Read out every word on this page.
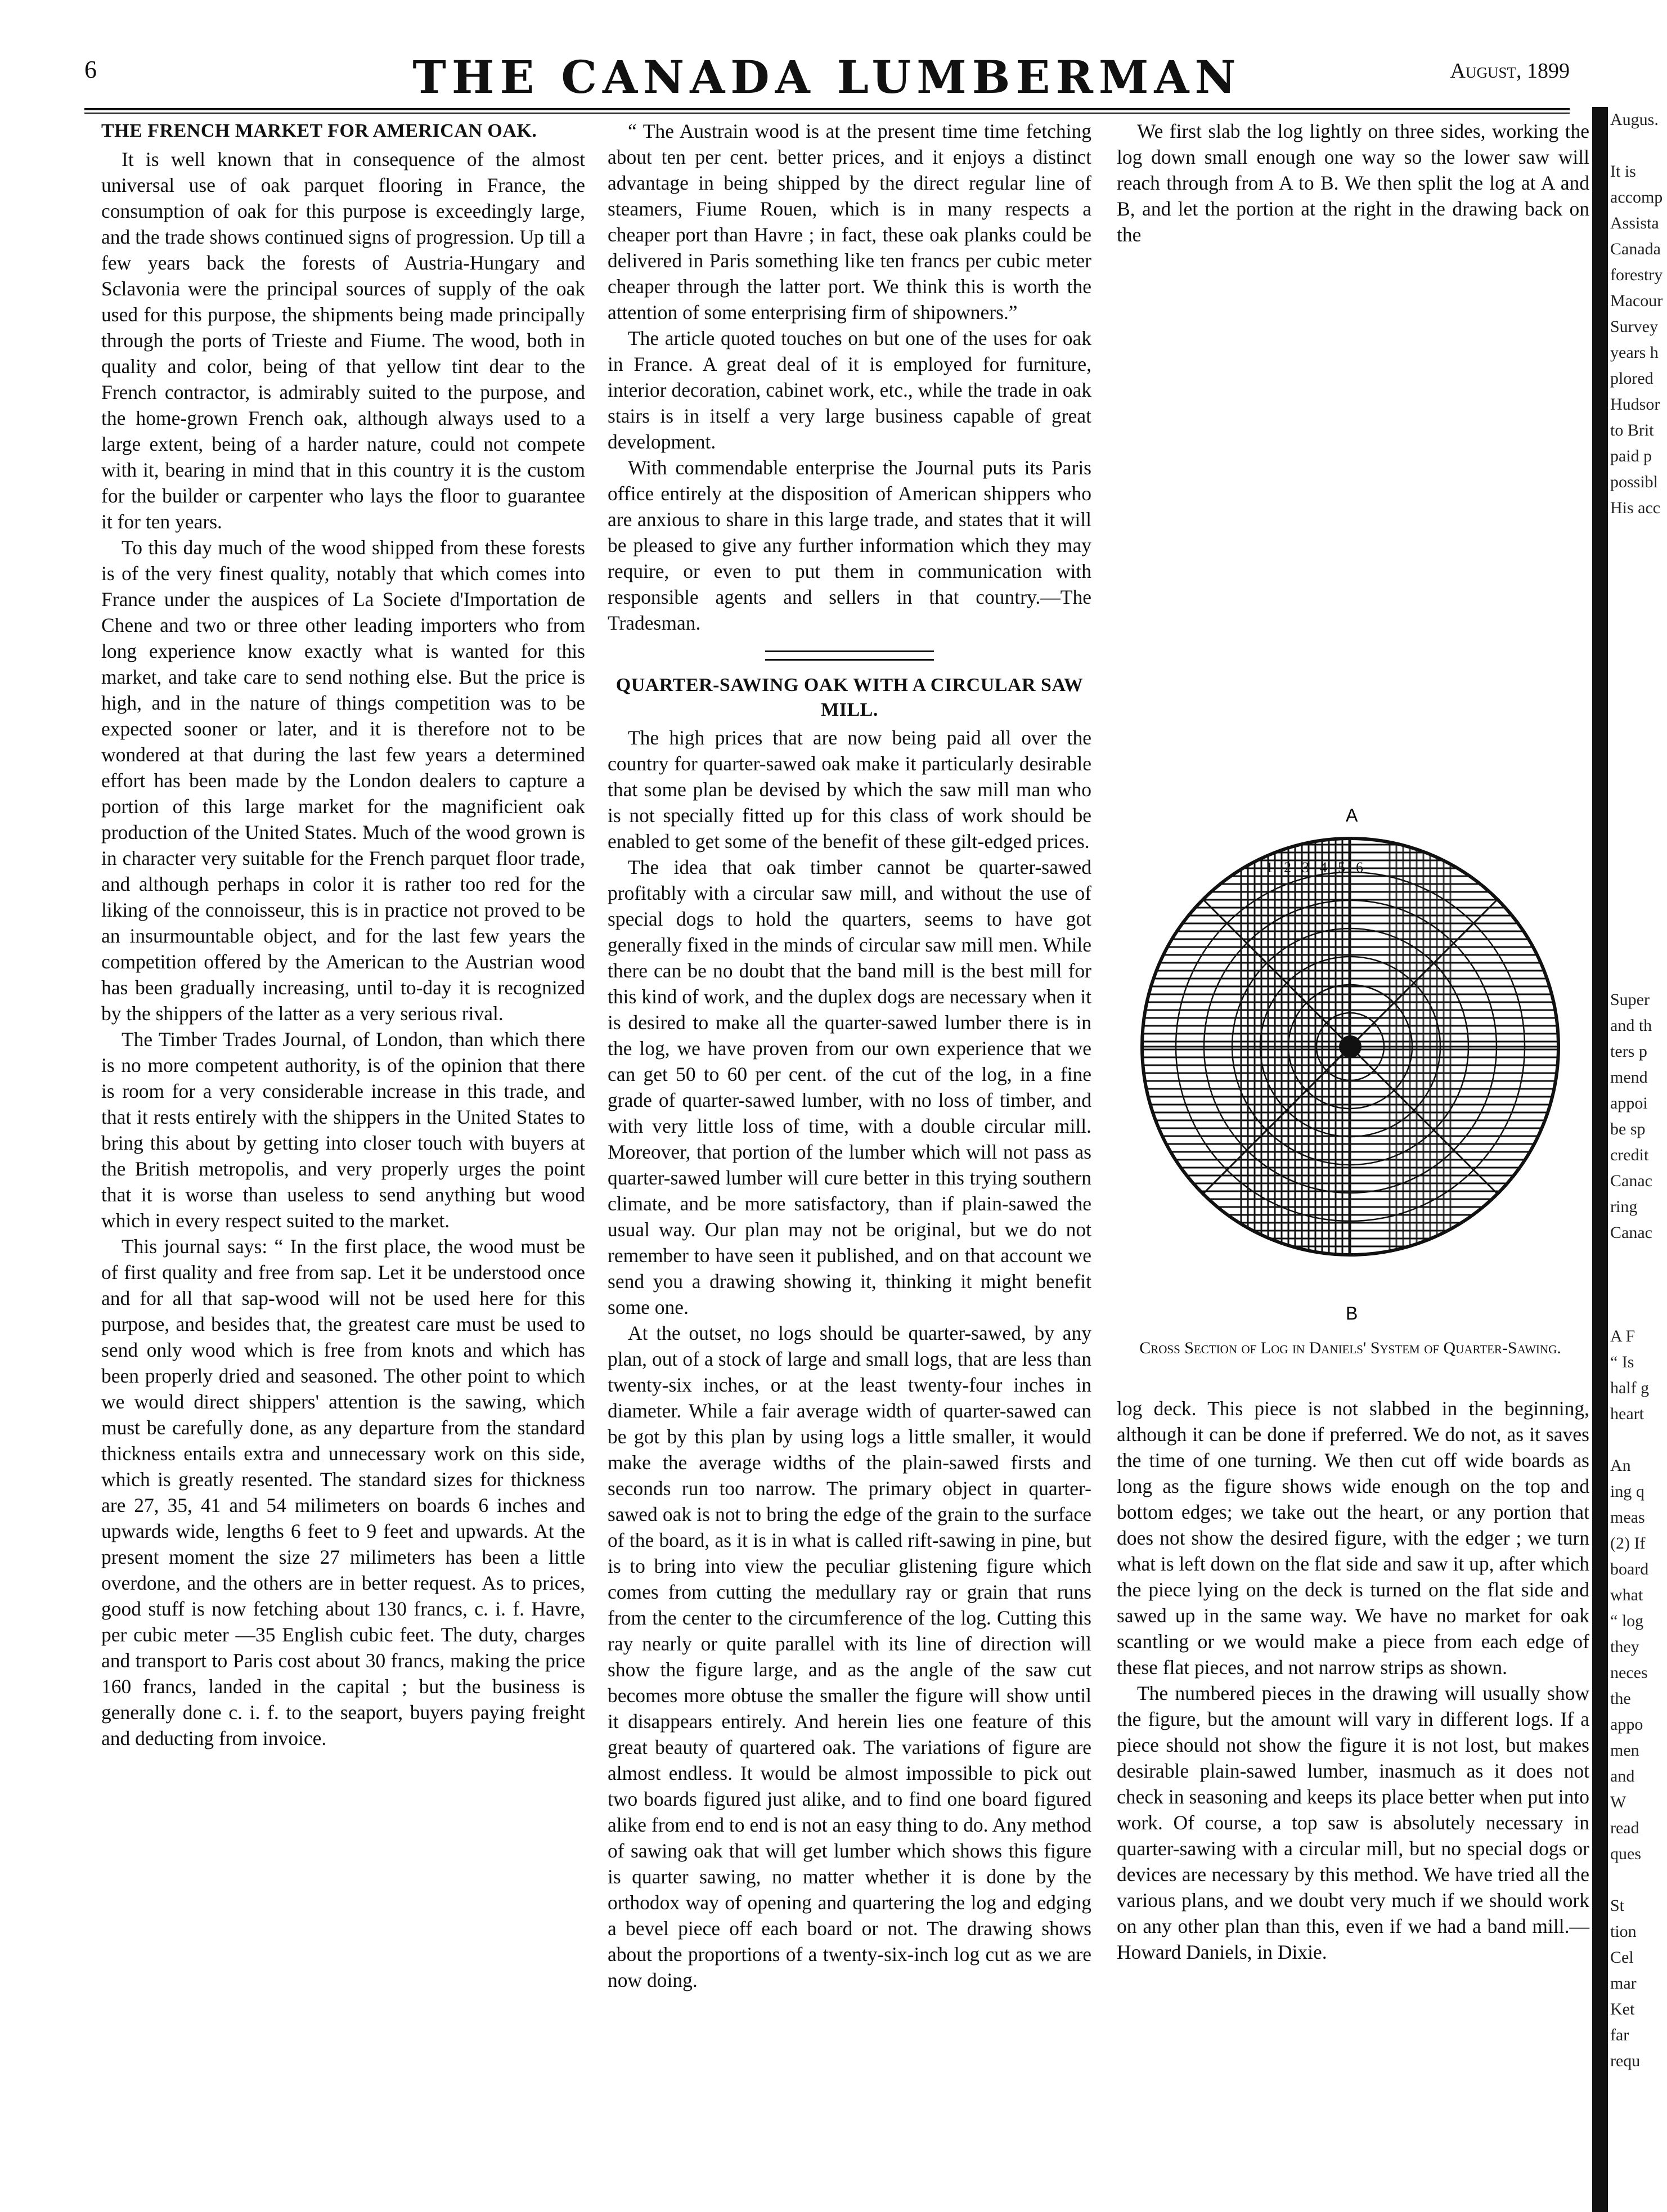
6	THE CANADA LUMBERMAN	August, 1899
THE FRENCH MARKET FOR AMERICAN OAK.

It is well known that in consequence of the almost universal use of oak parquet flooring in France, the consumption of oak for this purpose is exceedingly large, and the trade shows continued signs of progression. Up till a few years back the forests of Austria-Hungary and Sclavonia were the principal sources of supply of the oak used for this purpose, the shipments being made principally through the ports of Trieste and Fiume. The wood, both in quality and color, being of that yellow tint dear to the French contractor, is admirably suited to the purpose, and the home-grown French oak, although always used to a large extent, being of a harder nature, could not compete with it, bearing in mind that in this country it is the custom for the builder or carpenter who lays the floor to guarantee it for ten years.

To this day much of the wood shipped from these forests is of the very finest quality, notably that which comes into France under the auspices of La Societe d'Importation de Chene and two or three other leading importers who from long experience know exactly what is wanted for this market, and take care to send nothing else. But the price is high, and in the nature of things competition was to be expected sooner or later, and it is therefore not to be wondered at that during the last few years a determined effort has been made by the London dealers to capture a portion of this large market for the magnificient oak production of the United States. Much of the wood grown is in character very suitable for the French parquet floor trade, and although perhaps in color it is rather too red for the liking of the connoisseur, this is in practice not proved to be an insurmountable object, and for the last few years the competition offered by the American to the Austrian wood has been gradually increasing, until to-day it is recognized by the shippers of the latter as a very serious rival.

The Timber Trades Journal, of London, than which there is no more competent authority, is of the opinion that there is room for a very considerable increase in this trade, and that it rests entirely with the shippers in the United States to bring this about by getting into closer touch with buyers at the British metropolis, and very properly urges the point that it is worse than useless to send anything but wood which in every respect suited to the market.

This journal says: “ In the first place, the wood must be of first quality and free from sap. Let it be understood once and for all that sap-wood will not be used here for this purpose, and besides that, the greatest care must be used to send only wood which is free from knots and which has been properly dried and seasoned. The other point to which we would direct shippers' attention is the sawing, which must be carefully done, as any departure from the standard thickness entails extra and unnecessary work on this side, which is greatly resented. The standard sizes for thickness are 27, 35, 41 and 54 milimeters on boards 6 inches and upwards wide, lengths 6 feet to 9 feet and upwards. At the present moment the size 27 milimeters has been a little overdone, and the others are in better request. As to prices, good stuff is now fetching about 130 francs, c. i. f. Havre, per cubic meter —35 English cubic feet. The duty, charges and transport to Paris cost about 30 francs, making the price 160 francs, landed in the capital ; but the business is generally done c. i. f. to the seaport, buyers paying freight and deducting from invoice.

“ The Austrain wood is at the present time time fetching about ten per cent. better prices, and it enjoys a distinct advantage in being shipped by the direct regular line of steamers, Fiume Rouen, which is in many respects a cheaper port than Havre ; in fact, these oak planks could be delivered in Paris something like ten francs per cubic meter cheaper through the latter port. We think this is worth the attention of some enterprising firm of shipowners.”

The article quoted touches on but one of the uses for oak in France. A great deal of it is employed for furniture, interior decoration, cabinet work, etc., while the trade in oak stairs is in itself a very large business capable of great development.

With commendable enterprise the Journal puts its Paris office entirely at the disposition of American shippers who are anxious to share in this large trade, and states that it will be pleased to give any further information which they may require, or even to put them in communication with responsible agents and sellers in that country.—The Tradesman.

QUARTER-SAWING OAK WITH A CIRCULAR SAW MILL.

The high prices that are now being paid all over the country for quarter-sawed oak make it particularly desirable that some plan be devised by which the saw mill man who is not specially fitted up for this class of work should be enabled to get some of the benefit of these gilt-edged prices.

The idea that oak timber cannot be quarter-sawed profitably with a circular saw mill, and without the use of special dogs to hold the quarters, seems to have got generally fixed in the minds of circular saw mill men. While there can be no doubt that the band mill is the best mill for this kind of work, and the duplex dogs are necessary when it is desired to make all the quarter-sawed lumber there is in the log, we have proven from our own experience that we can get 50 to 60 per cent. of the cut of the log, in a fine grade of quarter-sawed lumber, with no loss of timber, and with very little loss of time, with a double circular mill. Moreover, that portion of the lumber which will not pass as quarter-sawed lumber will cure better in this trying southern climate, and be more satisfactory, than if plain-sawed the usual way. Our plan may not be original, but we do not remember to have seen it published, and on that account we send you a drawing showing it, thinking it might benefit some one.

At the outset, no logs should be quarter-sawed, by any plan, out of a stock of large and small logs, that are less than twenty-six inches, or at the least twenty-four inches in diameter. While a fair average width of quarter-sawed can be got by this plan by using logs a little smaller, it would make the average widths of the plain-sawed firsts and seconds run too narrow. The primary object in quarter-sawed oak is not to bring the edge of the grain to the surface of the board, as it is in what is called rift-sawing in pine, but is to bring into view the peculiar glistening figure which comes from cutting the medullary ray or grain that runs from the center to the circumference of the log. Cutting this ray nearly or quite parallel with its line of direction will show the figure large, and as the angle of the saw cut becomes more obtuse the smaller the figure will show until it disappears entirely. And herein lies one feature of this great beauty of quartered oak. The variations of figure are almost endless. It would be almost impossible to pick out two boards figured just alike, and to find one board figured alike from end to end is not an easy thing to do. Any method of sawing oak that will get lumber which shows this figure is quarter sawing, no matter whether it is done by the orthodox way of opening and quartering the log and edging a bevel piece off each board or not. The drawing shows about the proportions of a twenty-six-inch log cut as we are now doing.

We first slab the log lightly on three sides, working the log down small enough one way so the lower saw will reach through from A to B. We then split the log at A and B, and let the portion at the right in the drawing back on the

A
1 2 3 4 5 6
B
Cross Section of Log in Daniels' System of Quarter-Sawing.

log deck. This piece is not slabbed in the beginning, although it can be done if preferred. We do not, as it saves the time of one turning. We then cut off wide boards as long as the figure shows wide enough on the top and bottom edges; we take out the heart, or any portion that does not show the desired figure, with the edger ; we turn what is left down on the flat side and saw it up, after which the piece lying on the deck is turned on the flat side and sawed up in the same way. We have no market for oak scantling or we would make a piece from each edge of these flat pieces, and not narrow strips as shown.

The numbered pieces in the drawing will usually show the figure, but the amount will vary in different logs. If a piece should not show the figure it is not lost, but makes desirable plain-sawed lumber, inasmuch as it does not check in seasoning and keeps its place better when put into work. Of course, a top saw is absolutely necessary in quarter-sawing with a circular mill, but no special dogs or devices are necessary by this method. We have tried all the various plans, and we doubt very much if we should work on any other plan than this, even if we had a band mill.—Howard Daniels, in Dixie.

Augus.

It is
accomp
Assista
Canada
forestry
Macour
Survey
years h
plored
Hudsor
to Brit
paid p
possibl
His acc

Super
and th
ters p
mend
appoi
be sp
credit
Canac
ring
Canac

A F
“ Is
half g
heart

An
ing q
meas
(2) If
board
what
“ log
they
neces
the
appo
men
and
W
read
ques

St
tion
Cel
mar
Ket
far
requ
